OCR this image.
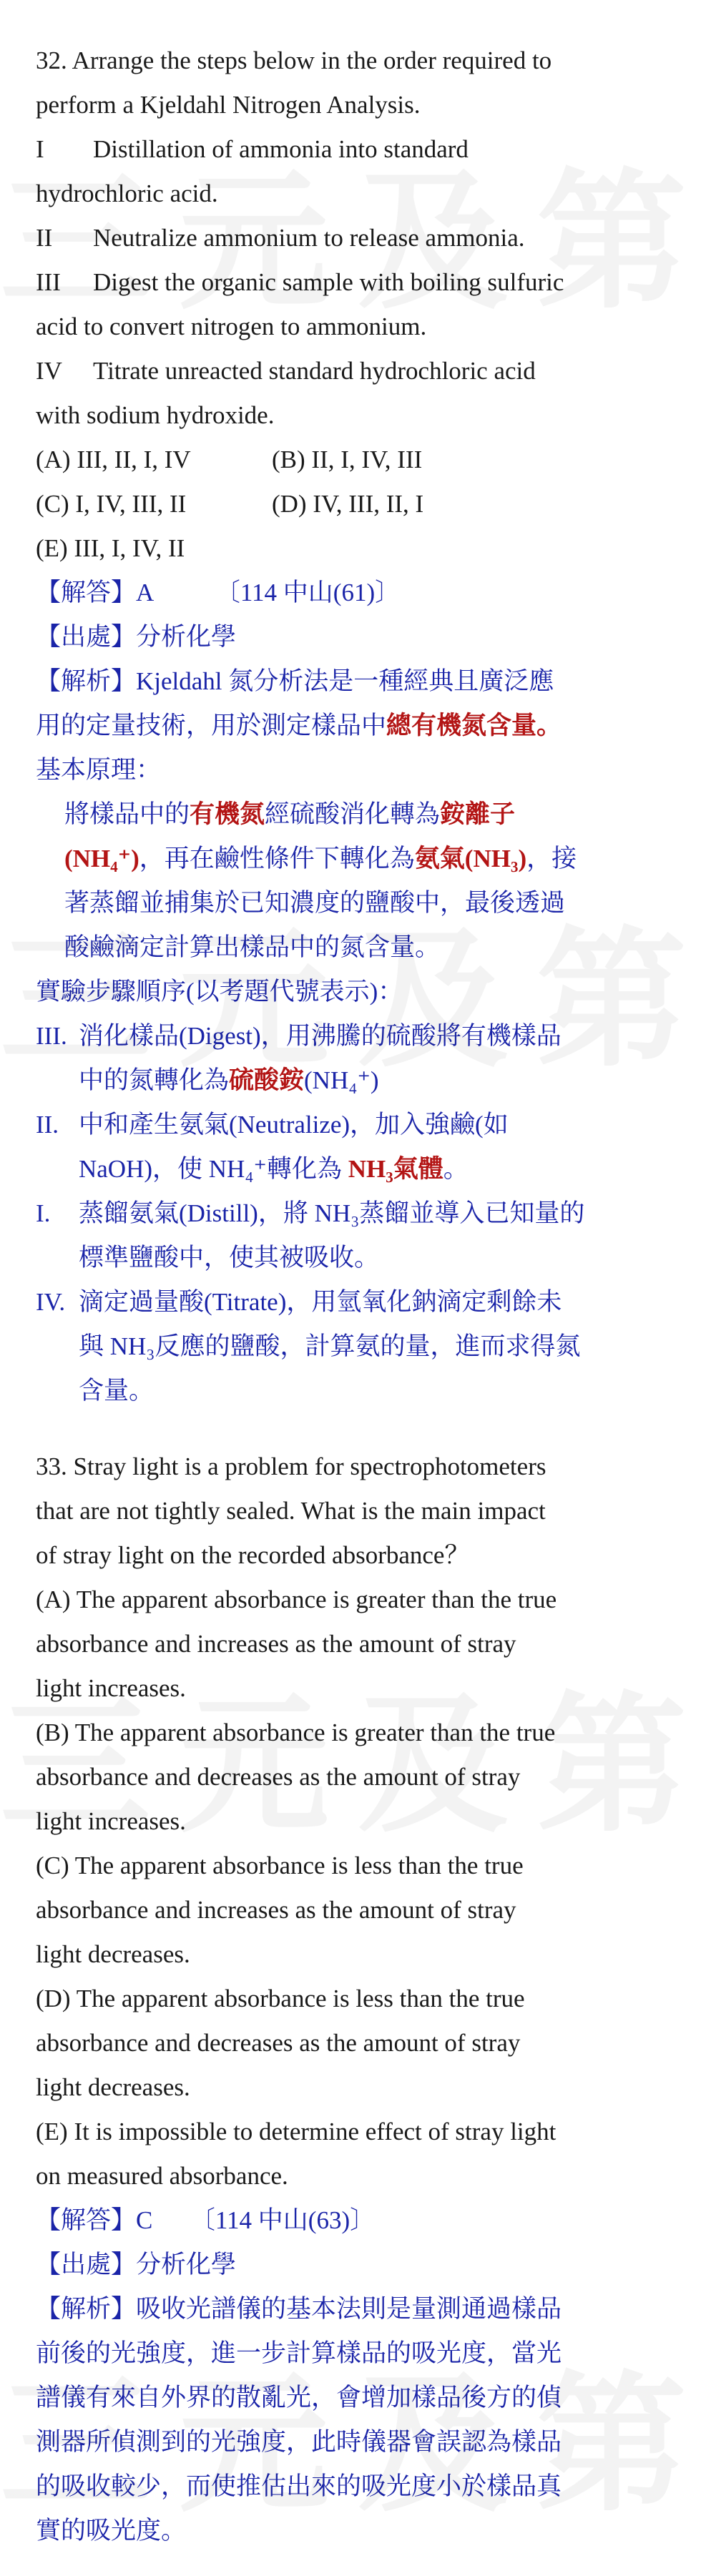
32. Arrange the steps below in the order required to
perform a Kjeldahl Nitrogen Analysis.
I	Distillation of ammonia into standard
hydrochloric acid.
II	Neutralize ammonium to release ammonia.
III	Digest the organic sample with boiling sulfuric
acid to convert nitrogen to ammonium.
IV	Titrate unreacted standard hydrochloric acid
with sodium hydroxide.
(A) III, II, I, IV	(B) II, I, IV, III
(C) I, IV, III, II	(D) IV, III, II, I
(E) III, I, IV, II
【解答】A　　　〔114 中山(61)〕
【出處】分析化學
【解析】Kjeldahl 氮分析法是一種經典且廣泛應
用的定量技術，用於測定樣品中總有機氮含量。
基本原理：
將樣品中的有機氮經硫酸消化轉為銨離子
(NH₄⁺)，再在鹼性條件下轉化為氨氣(NH₃)，接
著蒸餾並捕集於已知濃度的鹽酸中，最後透過
酸鹼滴定計算出樣品中的氮含量。
實驗步驟順序(以考題代號表示)：
III. 消化樣品(Digest)，用沸騰的硫酸將有機樣品
中的氮轉化為硫酸銨(NH₄⁺)
II. 中和產生氨氣(Neutralize)，加入強鹼(如
NaOH)，使 NH₄⁺轉化為 NH₃氣體。
I.	蒸餾氨氣(Distill)，將 NH₃蒸餾並導入已知量的
標準鹽酸中，使其被吸收。
IV. 滴定過量酸(Titrate)，用氫氧化鈉滴定剩餘未
與 NH₃反應的鹽酸，計算氨的量，進而求得氮
含量。
33. Stray light is a problem for spectrophotometers
that are not tightly sealed. What is the main impact
of stray light on the recorded absorbance？
(A) The apparent absorbance is greater than the true
absorbance and increases as the amount of stray
light increases.
(B) The apparent absorbance is greater than the true
absorbance and decreases as the amount of stray
light increases.
(C) The apparent absorbance is less than the true
absorbance and increases as the amount of stray
light decreases.
(D) The apparent absorbance is less than the true
absorbance and decreases as the amount of stray
light decreases.
(E) It is impossible to determine effect of stray light
on measured absorbance.
【解答】C　　〔114 中山(63)〕
【出處】分析化學
【解析】吸收光譜儀的基本法則是量測通過樣品
前後的光強度，進一步計算樣品的吸光度，當光
譜儀有來自外界的散亂光，會增加樣品後方的偵
測器所偵測到的光強度，此時儀器會誤認為樣品
的吸收較少，而使推估出來的吸光度小於樣品真
實的吸光度。
